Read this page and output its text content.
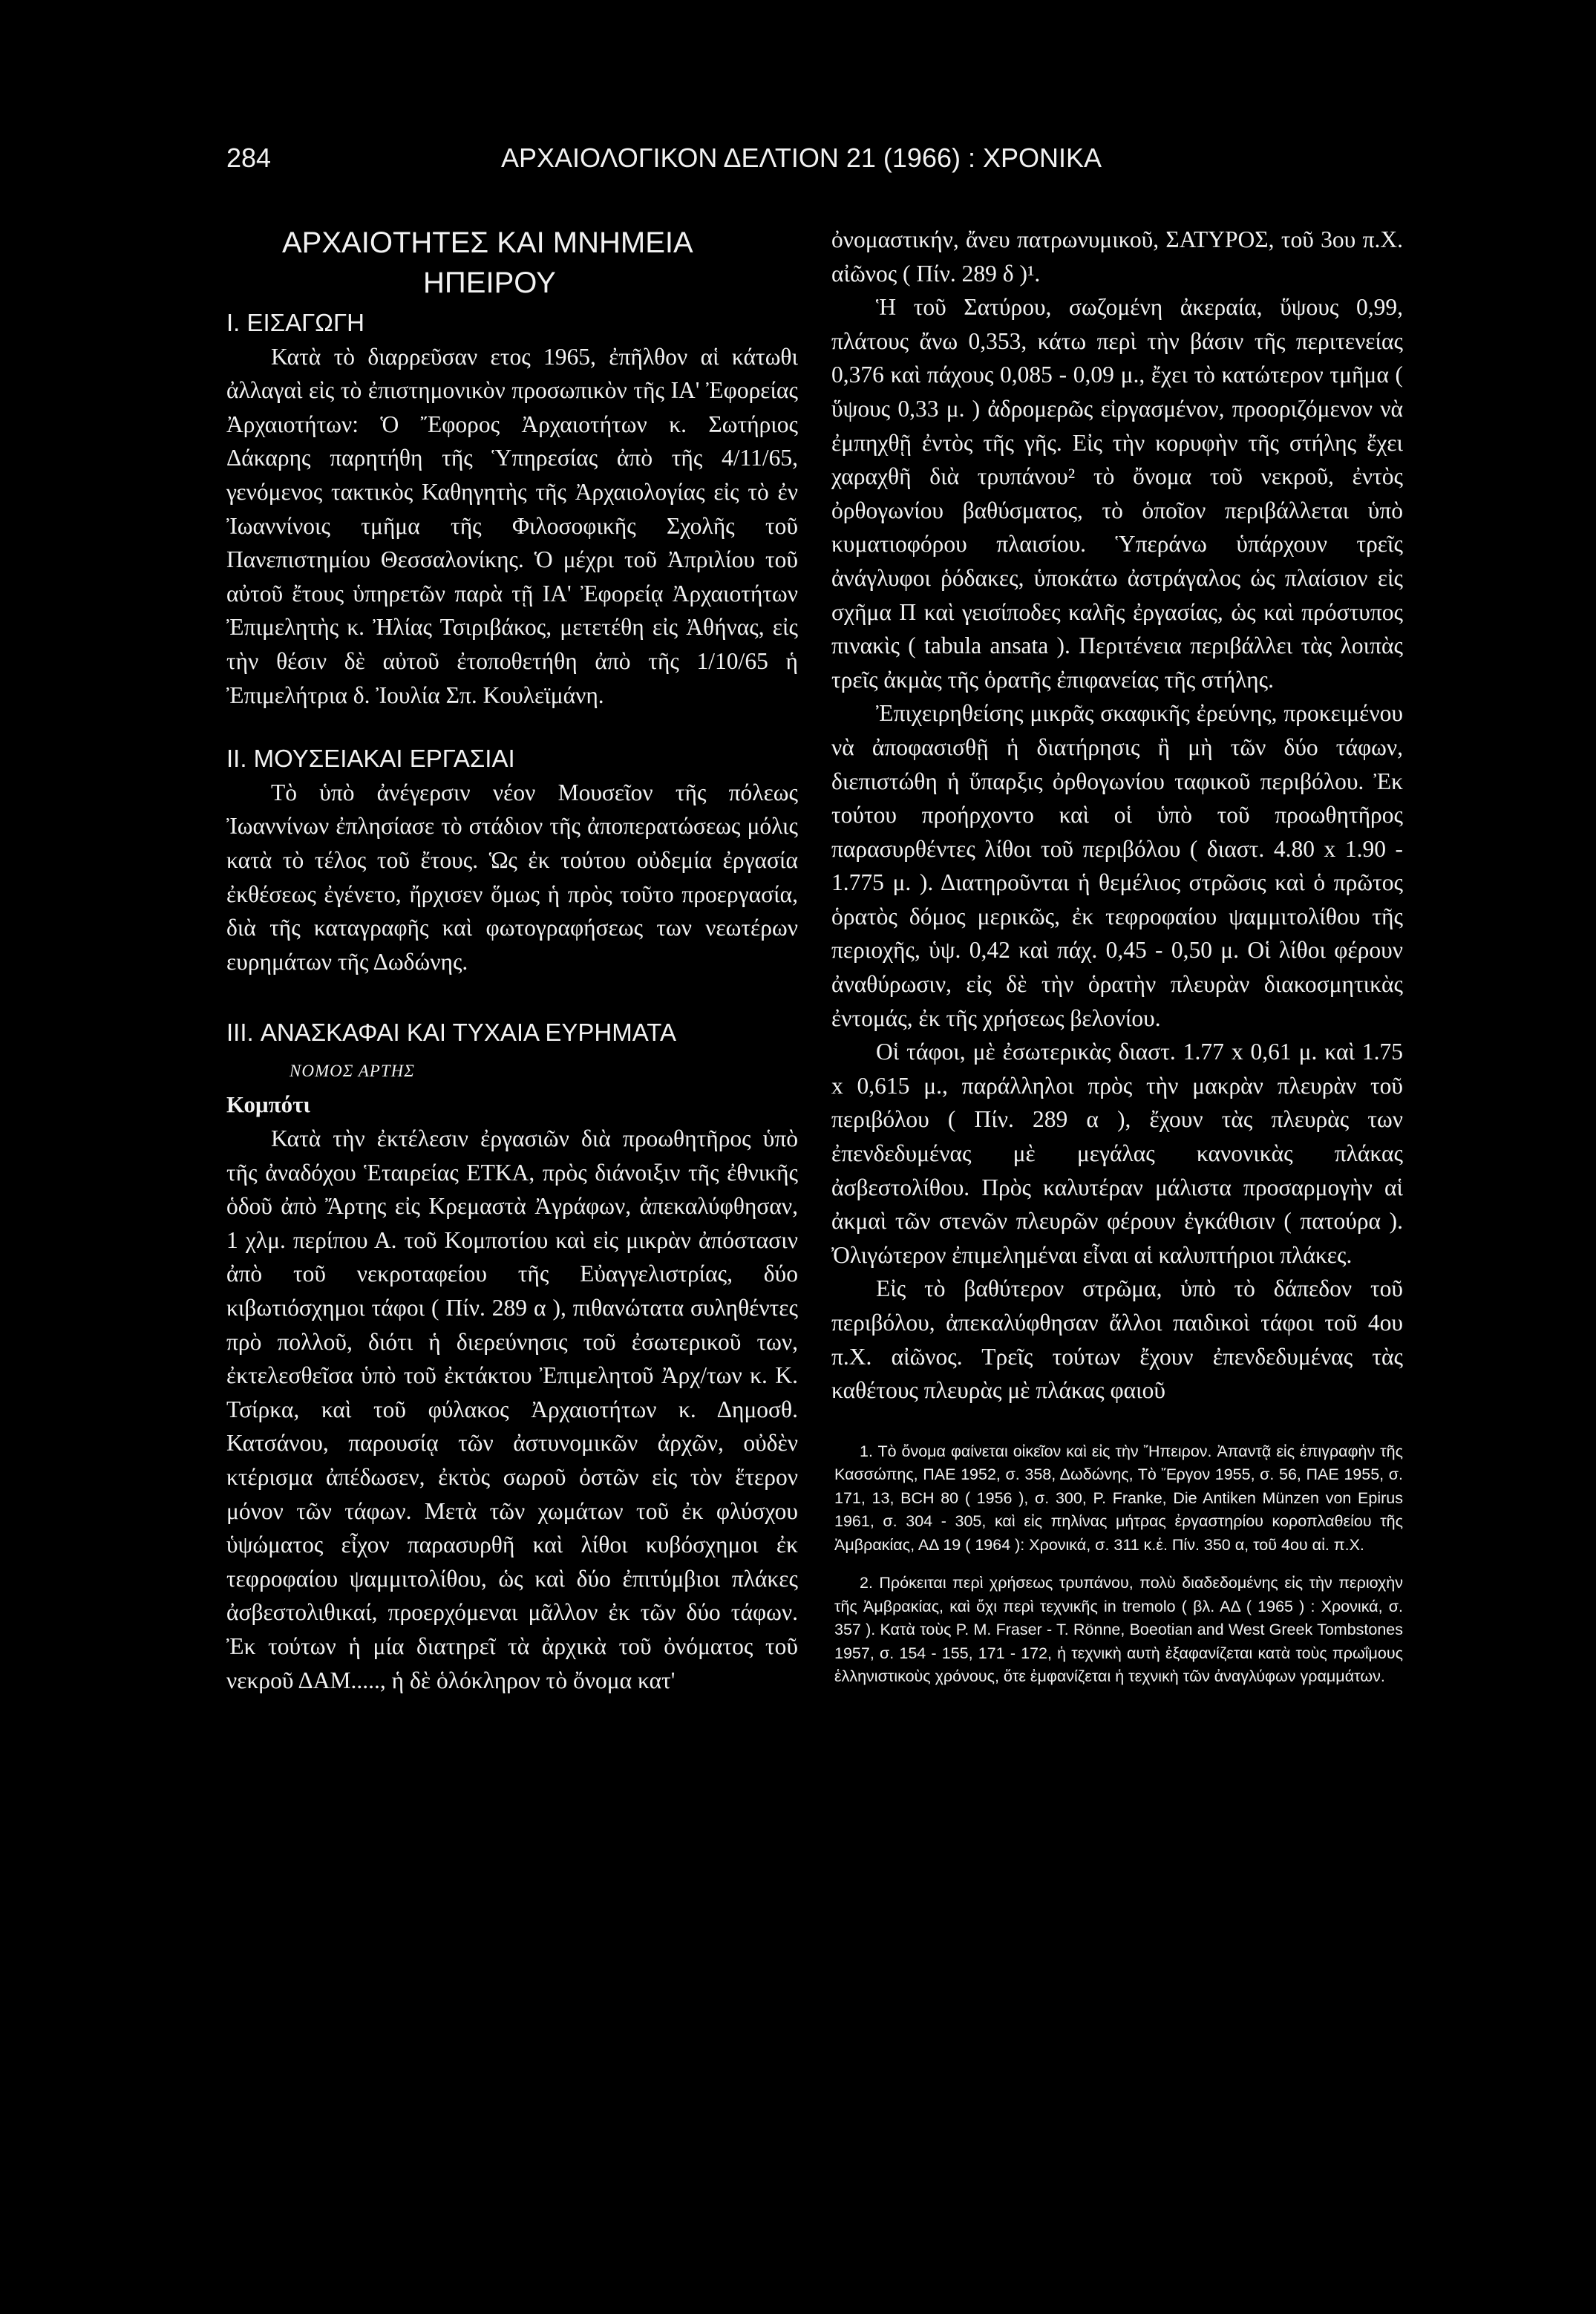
284	ΑΡΧΑΙΟΛΟΓΙΚΟΝ ΔΕΛΤΙΟΝ 21 (1966) : ΧΡΟΝΙΚΑ

ΑΡΧΑΙΟΤΗΤΕΣ ΚΑΙ ΜΝΗΜΕΙΑ

ΗΠΕΙΡΟΥ

I. ΕΙΣΑΓΩΓΗ

Κατὰ τὸ διαρρεῦσαν ετος 1965, ἐπῆλθον αἱ κάτωθι ἀλλαγαὶ εἰς τὸ ἐπιστημονικὸν προσωπικὸν τῆς ΙΑ' Ἐφορείας Ἀρχαιοτήτων: Ὁ Ἔφορος Ἀρχαιοτήτων κ. Σωτήριος Δάκαρης παρητήθη τῆς Ὑπηρεσίας ἀπὸ τῆς 4/11/65, γενόμενος τακτικὸς Καθηγητὴς τῆς Ἀρχαιολογίας εἰς τὸ ἐν Ἰωαννίνοις τμῆμα τῆς Φιλοσοφικῆς Σχολῆς τοῦ Πανεπιστημίου Θεσσαλονίκης. Ὁ μέχρι τοῦ Ἀπριλίου τοῦ αὐτοῦ ἔτους ὑπηρετῶν παρὰ τῇ ΙΑ' Ἐφορείᾳ Ἀρχαιοτήτων Ἐπιμελητὴς κ. Ἠλίας Τσιριβάκος, μετετέθη εἰς Ἀθήνας, εἰς τὴν θέσιν δὲ αὐτοῦ ἐτοποθετήθη ἀπὸ τῆς 1/10/65 ἡ Ἐπιμελήτρια δ. Ἰουλία Σπ. Κουλεϊμάνη.

II. ΜΟΥΣΕΙΑΚΑΙ ΕΡΓΑΣΙΑΙ

Τὸ ὑπὸ ἀνέγερσιν νέον Μουσεῖον τῆς πόλεως Ἰωαννίνων ἐπλησίασε τὸ στάδιον τῆς ἀποπερατώσεως μόλις κατὰ τὸ τέλος τοῦ ἔτους. Ὡς ἐκ τούτου οὐδεμία ἐργασία ἐκθέσεως ἐγένετο, ἤρχισεν ὅμως ἡ πρὸς τοῦτο προεργασία, διὰ τῆς καταγραφῆς καὶ φωτογραφήσεως των νεωτέρων ευρημάτων τῆς Δωδώνης.

III. ΑΝΑΣΚΑΦΑΙ ΚΑΙ ΤΥΧΑΙΑ ΕΥΡΗΜΑΤΑ

ΝΟΜΟΣ ΑΡΤΗΣ

Κομπότι

Κατὰ τὴν ἐκτέλεσιν ἐργασιῶν διὰ προωθητῆρος ὑπὸ τῆς ἀναδόχου Ἑταιρείας ΕΤΚΑ, πρὸς διάνοιξιν τῆς ἐθνικῆς ὁδοῦ ἀπὸ Ἄρτης εἰς Κρεμαστὰ Ἀγράφων, ἀπεκαλύφθησαν, 1 χλμ. περίπου Α. τοῦ Κομποτίου καὶ εἰς μικρὰν ἀπόστασιν ἀπὸ τοῦ νεκροταφείου τῆς Εὐαγγελιστρίας, δύο κιβωτιόσχημοι τάφοι ( Πίν. 289 α ), πιθανώτατα συληθέντες πρὸ πολλοῦ, διότι ἡ διερεύνησις τοῦ ἐσωτερικοῦ των, ἐκτελεσθεῖσα ὑπὸ τοῦ ἐκτάκτου Ἐπιμελητοῦ Ἀρχ/των κ. Κ. Τσίρκα, καὶ τοῦ φύλακος Ἀρχαιοτήτων κ. Δημοσθ. Κατσάνου, παρουσίᾳ τῶν ἀστυνομικῶν ἀρχῶν, οὐδὲν κτέρισμα ἀπέδωσεν, ἐκτὸς σωροῦ ὀστῶν εἰς τὸν ἕτερον μόνον τῶν τάφων. Μετὰ τῶν χωμάτων τοῦ ἐκ φλύσχου ὑψώματος εἶχον παρασυρθῆ καὶ λίθοι κυβόσχημοι ἐκ τεφροφαίου ψαμμιτολίθου, ὡς καὶ δύο ἐπιτύμβιοι πλάκες ἀσβεστολιθικαί, προερχόμεναι μᾶλλον ἐκ τῶν δύο τάφων. Ἐκ τούτων ἡ μία διατηρεῖ τὰ ἀρχικὰ τοῦ ὀνόματος τοῦ νεκροῦ ΔΑΜ....., ἡ δὲ ὁλόκληρον τὸ ὄνομα κατ'

ὀνομαστικήν, ἄνευ πατρωνυμικοῦ, ΣΑΤΥΡΟΣ, τοῦ 3ου π.Χ. αἰῶνος ( Πίν. 289 δ )¹.

Ἡ τοῦ Σατύρου, σωζομένη ἀκεραία, ὕψους 0,99, πλάτους ἄνω 0,353, κάτω περὶ τὴν βάσιν τῆς περιτενείας 0,376 καὶ πάχους 0,085 - 0,09 μ., ἔχει τὸ κατώτερον τμῆμα ( ὕψους 0,33 μ. ) ἀδρομερῶς εἰργασμένον, προοριζόμενον νὰ ἐμπηχθῇ ἐντὸς τῆς γῆς. Εἰς τὴν κορυφὴν τῆς στήλης ἔχει χαραχθῆ διὰ τρυπάνου² τὸ ὄνομα τοῦ νεκροῦ, ἐντὸς ὀρθογωνίου βαθύσματος, τὸ ὁποῖον περιβάλλεται ὑπὸ κυματιοφόρου πλαισίου. Ὑπεράνω ὑπάρχουν τρεῖς ἀνάγλυφοι ῥόδακες, ὑποκάτω ἀστράγαλος ὡς πλαίσιον εἰς σχῆμα Π καὶ γεισίποδες καλῆς ἐργασίας, ὡς καὶ πρόστυπος πινακὶς ( tabula ansata ). Περιτένεια περιβάλλει τὰς λοιπὰς τρεῖς ἀκμὰς τῆς ὁρατῆς ἐπιφανείας τῆς στήλης.

Ἐπιχειρηθείσης μικρᾶς σκαφικῆς ἐρεύνης, προκειμένου νὰ ἀποφασισθῇ ἡ διατήρησις ἢ μὴ τῶν δύο τάφων, διεπιστώθη ἡ ὕπαρξις ὀρθογωνίου ταφικοῦ περιβόλου. Ἐκ τούτου προήρχοντο καὶ οἱ ὑπὸ τοῦ προωθητῆρος παρασυρθέντες λίθοι τοῦ περιβόλου ( διαστ. 4.80 x 1.90 - 1.775 μ. ). Διατηροῦνται ἡ θεμέλιος στρῶσις καὶ ὁ πρῶτος ὁρατὸς δόμος μερικῶς, ἐκ τεφροφαίου ψαμμιτολίθου τῆς περιοχῆς, ὑψ. 0,42 καὶ πάχ. 0,45 - 0,50 μ. Οἱ λίθοι φέρουν ἀναθύρωσιν, εἰς δὲ τὴν ὁρατὴν πλευρὰν διακοσμητικὰς ἐντομάς, ἐκ τῆς χρήσεως βελονίου.

Οἱ τάφοι, μὲ ἐσωτερικὰς διαστ. 1.77 x 0,61 μ. καὶ 1.75 x 0,615 μ., παράλληλοι πρὸς τὴν μακρὰν πλευρὰν τοῦ περιβόλου ( Πίν. 289 α ), ἔχουν τὰς πλευρὰς των ἐπενδεδυμένας μὲ μεγάλας κανονικὰς πλάκας ἀσβεστολίθου. Πρὸς καλυτέραν μάλιστα προσαρμογὴν αἱ ἀκμαὶ τῶν στενῶν πλευρῶν φέρουν ἐγκάθισιν ( πατούρα ). Ὀλιγώτερον ἐπιμελημέναι εἶναι αἱ καλυπτήριοι πλάκες.

Εἰς τὸ βαθύτερον στρῶμα, ὑπὸ τὸ δάπεδον τοῦ περιβόλου, ἀπεκαλύφθησαν ἄλλοι παιδικοὶ τάφοι τοῦ 4ου π.Χ. αἰῶνος. Τρεῖς τούτων ἔχουν ἐπενδεδυμένας τὰς καθέτους πλευρὰς μὲ πλάκας φαιοῦ

1. Τὸ ὄνομα φαίνεται οἰκεῖον καὶ εἰς τὴν Ἤπειρον. Ἀπαντᾷ εἰς ἐπιγραφὴν τῆς Κασσώπης, ΠΑΕ 1952, σ. 358, Δωδώνης, Τὸ Ἔργον 1955, σ. 56, ΠΑΕ 1955, σ. 171, 13, BCH 80 ( 1956 ), σ. 300, P. Franke, Die Antiken Münzen von Epirus 1961, σ. 304 - 305, καὶ εἰς πηλίνας μήτρας ἐργαστηρίου κοροπλαθείου τῆς Ἀμβρακίας, ΑΔ 19 ( 1964 ): Χρονικά, σ. 311 κ.ἑ. Πίν. 350 α, τοῦ 4ου αἰ. π.Χ.

2. Πρόκειται περὶ χρήσεως τρυπάνου, πολὺ διαδεδομένης εἰς τὴν περιοχὴν τῆς Ἀμβρακίας, καὶ ὄχι περὶ τεχνικῆς in tremolo ( βλ. ΑΔ ( 1965 ) : Χρονικά, σ. 357 ). Κατὰ τοὺς P. M. Fraser - T. Rönne, Boeotian and West Greek Tombstones 1957, σ. 154 - 155, 171 - 172, ἡ τεχνικὴ αυτὴ ἐξαφανίζεται κατὰ τοὺς πρωΐμους ἑλληνιστικοὺς χρόνους, ὅτε ἐμφανίζεται ἡ τεχνικὴ τῶν ἀναγλύφων γραμμάτων.
